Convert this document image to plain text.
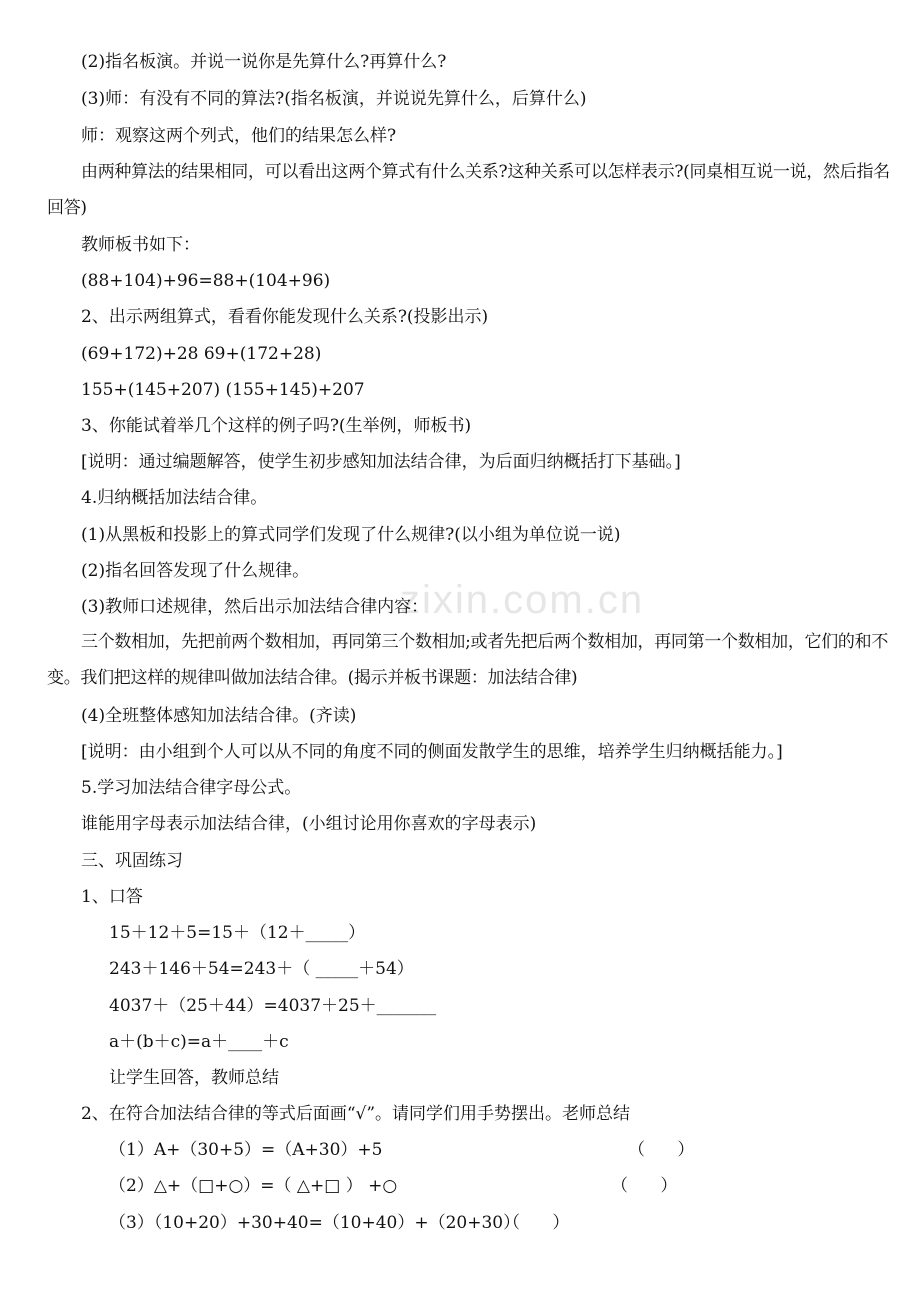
zixin.com.cn
(2)指名板演。并说一说你是先算什么?再算什么?
(3)师：有没有不同的算法?(指名板演，并说说先算什么，后算什么)
师：观察这两个列式，他们的结果怎么样?
由两种算法的结果相同，可以看出这两个算式有什么关系?这种关系可以怎样表示?(同桌相互说一说，然后指名回答)
教师板书如下：
(88+104)+96=88+(104+96)
2、出示两组算式，看看你能发现什么关系?(投影出示)
(69+172)+28 69+(172+28)
155+(145+207) (155+145)+207
3、你能试着举几个这样的例子吗?(生举例，师板书)
[说明：通过编题解答，使学生初步感知加法结合律，为后面归纳概括打下基础。]
4.归纳概括加法结合律。
(1)从黑板和投影上的算式同学们发现了什么规律?(以小组为单位说一说)
(2)指名回答发现了什么规律。
(3)教师口述规律，然后出示加法结合律内容：
三个数相加，先把前两个数相加，再同第三个数相加;或者先把后两个数相加，再同第一个数相加，它们的和不变。我们把这样的规律叫做加法结合律。(揭示并板书课题：加法结合律)
(4)全班整体感知加法结合律。(齐读)
[说明：由小组到个人可以从不同的角度不同的侧面发散学生的思维，培养学生归纳概括能力。]
5.学习加法结合律字母公式。
谁能用字母表示加法结合律，(小组讨论用你喜欢的字母表示)
三、巩固练习
1、口答
15＋12＋5=15＋（12＋_____）
243＋146＋54=243＋（ _____＋54）
4037＋（25＋44）=4037＋25＋_______
a＋(b＋c)=a＋____＋c
让学生回答，教师总结
2、在符合加法结合律的等式后面画“√”。请同学们用手势摆出。老师总结
（1）A+（30+5）=（A+30）+5	（      ）
（2）△+（□+○）=（ △+□ ） +○	（      ）
（3）（10+20）+30+40=（10+40）+（20+30）
（      ）
